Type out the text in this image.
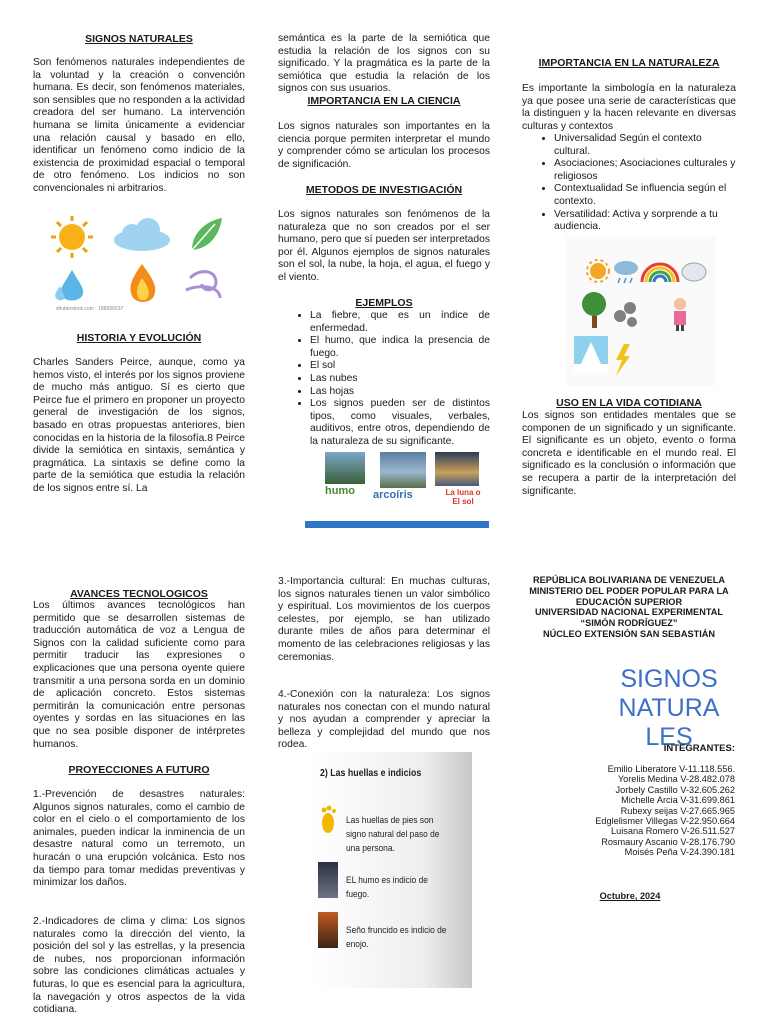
SIGNOS NATURALES
Son fenómenos naturales independientes de la voluntad y la creación o convención humana. Es decir, son fenómenos materiales, son sensibles que no responden a la actividad creadora del ser humano. La intervención humana se limita únicamente a evidenciar una relación causal y basado en ello, identificar un fenómeno como indicio de la existencia de proximidad espacial o temporal de otro fenómeno. Los indicios no son convencionales ni arbitrarios.
shutterstock.com · 186656537
HISTORIA Y EVOLUCIÓN
Charles Sanders Peirce, aunque, como ya hemos visto, el interés por los signos proviene de mucho más antiguo. Sí es cierto que Peirce fue el primero en proponer un proyecto general de investigación de los signos, basado en otras propuestas anteriores, bien conocidas en la historia de la filosofía.8 Peirce divide la semiótica en sintaxis, semántica y pragmática. La sintaxis se define como la parte de la semiótica que estudia la relación de los signos entre sí. La
semántica es la parte de la semiótica que estudia la relación de los signos con su significado. Y la pragmática es la parte de la semiótica que estudia la relación de los signos con sus usuarios.
IMPORTANCIA EN LA CIENCIA
Los signos naturales son importantes en la ciencia porque permiten interpretar el mundo y comprender cómo se articulan los procesos de significación.
METODOS DE INVESTIGACIÓN
Los signos naturales son fenómenos de la naturaleza que no son creados por el ser humano, pero que sí pueden ser interpretados por él. Algunos ejemplos de signos naturales son el sol, la nube, la hoja, el agua, el fuego y el viento.
EJEMPLOS
• La fiebre, que es un índice de enfermedad.
• El humo, que indica la presencia de fuego.
• El sol
• Las nubes
• Las hojas
• Los signos pueden ser de distintos tipos, como visuales, verbales, auditivos, entre otros, dependiendo de la naturaleza de su significante.
humo arcoíris	La luna o El sol
IMPORTANCIA EN LA NATURALEZA
Es importante la simbología en la naturaleza ya que posee una serie de características que la distinguen y la hacen relevante en diversas culturas y contextos
• Universalidad Según el contexto cultural.
• Asociaciones; Asociaciones culturales y religiosos
• Contextualidad Se influencia según el contexto.
• Versatilidad: Activa y sorprende a tu audiencia.
USO EN LA VIDA COTIDIANA
Los signos son entidades mentales que se componen de un significado y un significante. El significante es un objeto, evento o forma concreta e identificable en el mundo real. El significado es la conclusión o información que se recupera a partir de la interpretación del significante.
AVANCES TECNOLOGICOS
Los últimos avances tecnológicos han permitido que se desarrollen sistemas de traducción automática de voz a Lengua de Signos con la calidad suficiente como para permitir traducir las expresiones o explicaciones que una persona oyente quiere transmitir a una persona sorda en un dominio de aplicación concreto. Estos sistemas permitirán la comunicación entre personas oyentes y sordas en las situaciones en las que no sea posible disponer de intérpretes humanos.
PROYECCIONES A FUTURO
1.-Prevención de desastres naturales: Algunos signos naturales, como el cambio de color en el cielo o el comportamiento de los animales, pueden indicar la inminencia de un desastre natural como un terremoto, un huracán o una erupción volcánica. Esto nos da tiempo para tomar medidas preventivas y minimizar los daños.
2.-Indicadores de clima y clima: Los signos naturales como la dirección del viento, la posición del sol y las estrellas, y la presencia de nubes, nos proporcionan información sobre las condiciones climáticas actuales y futuras, lo que es esencial para la agricultura, la navegación y otros aspectos de la vida cotidiana.
3.-Importancia cultural: En muchas culturas, los signos naturales tienen un valor simbólico y espiritual. Los movimientos de los cuerpos celestes, por ejemplo, se han utilizado durante miles de años para determinar el momento de las celebraciones religiosas y las ceremonias.
4.-Conexión con la naturaleza: Los signos naturales nos conectan con el mundo natural y nos ayudan a comprender y apreciar la belleza y complejidad del mundo que nos rodea.
2) Las huellas e indicios
Las huellas de pies son signo natural del paso de una persona.
EL humo es indicio de fuego.
Seño fruncido es indicio de enojo.
REPÚBLICA BOLIVARIANA DE VENEZUELA
MINISTERIO DEL PODER POPULAR PARA LA
EDUCACIÓN SUPERIOR
UNIVERSIDAD NACIONAL EXPERIMENTAL
“SIMÓN RODRÍGUEZ”
NÚCLEO EXTENSIÓN SAN SEBASTIÁN
SIGNOS
NATURA
LES
INTEGRANTES:
Emilio Liberatore V-11.118.556.
Yorelis Medina V-28.482.078
Jorbely Castillo V-32.605.262
Michelle Arcia V-31.699.861
Rubexy seijas V-27.665.965
Edglelismer Villegas V-22.950.664
Luisana Romero V-26.511.527
Rosmaury Ascanio V-28.176.790
Moisés Peña V-24.390.181
Octubre, 2024
